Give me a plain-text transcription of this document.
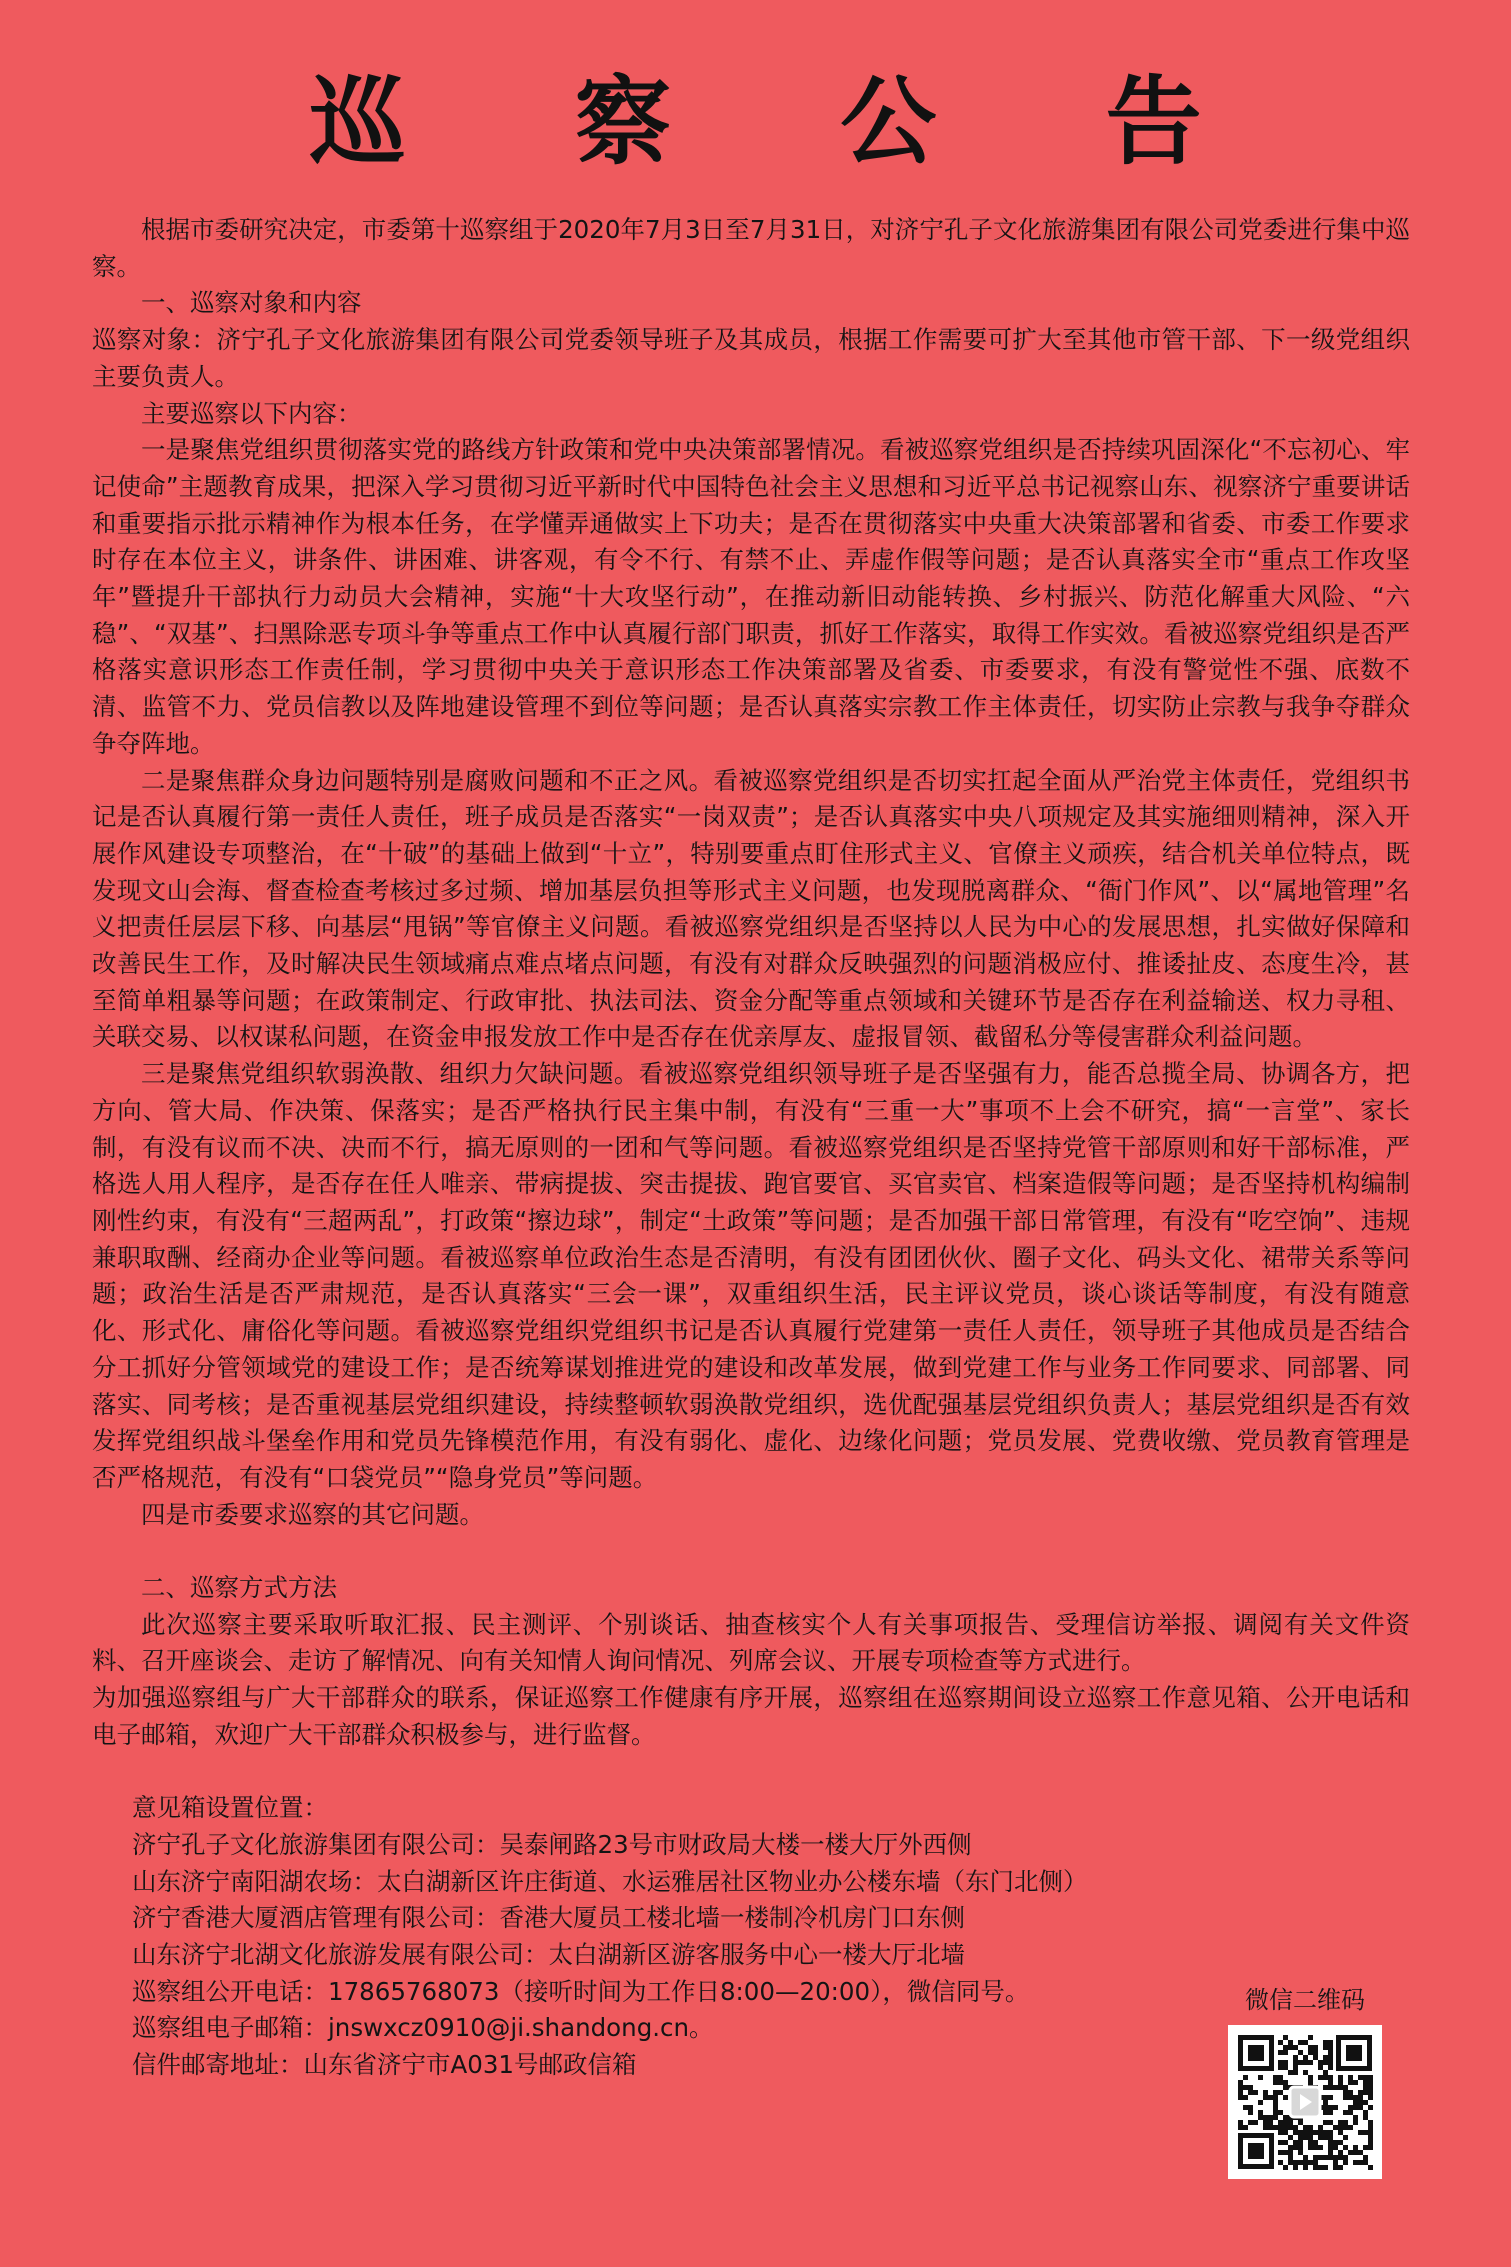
巡 察 公 告

根据市委研究决定，市委第十巡察组于2020年7月3日至7月31日，对济宁孔子文化旅游集团有限公司党委进行集中巡察。

一、巡察对象和内容

巡察对象：济宁孔子文化旅游集团有限公司党委领导班子及其成员，根据工作需要可扩大至其他市管干部、下一级党组织主要负责人。

主要巡察以下内容：

一是聚焦党组织贯彻落实党的路线方针政策和党中央决策部署情况。看被巡察党组织是否持续巩固深化“不忘初心、牢记使命”主题教育成果，把深入学习贯彻习近平新时代中国特色社会主义思想和习近平总书记视察山东、视察济宁重要讲话和重要指示批示精神作为根本任务，在学懂弄通做实上下功夫；是否在贯彻落实中央重大决策部署和省委、市委工作要求时存在本位主义，讲条件、讲困难、讲客观，有令不行、有禁不止、弄虚作假等问题；是否认真落实全市“重点工作攻坚年”暨提升干部执行力动员大会精神，实施“十大攻坚行动”，在推动新旧动能转换、乡村振兴、防范化解重大风险、“六稳”、“双基”、扫黑除恶专项斗争等重点工作中认真履行部门职责，抓好工作落实，取得工作实效。看被巡察党组织是否严格落实意识形态工作责任制，学习贯彻中央关于意识形态工作决策部署及省委、市委要求，有没有警觉性不强、底数不清、监管不力、党员信教以及阵地建设管理不到位等问题；是否认真落实宗教工作主体责任，切实防止宗教与我争夺群众争夺阵地。

二是聚焦群众身边问题特别是腐败问题和不正之风。看被巡察党组织是否切实扛起全面从严治党主体责任，党组织书记是否认真履行第一责任人责任，班子成员是否落实“一岗双责”；是否认真落实中央八项规定及其实施细则精神，深入开展作风建设专项整治，在“十破”的基础上做到“十立”，特别要重点盯住形式主义、官僚主义顽疾，结合机关单位特点，既发现文山会海、督查检查考核过多过频、增加基层负担等形式主义问题，也发现脱离群众、“衙门作风”、以“属地管理”名义把责任层层下移、向基层“甩锅”等官僚主义问题。看被巡察党组织是否坚持以人民为中心的发展思想，扎实做好保障和改善民生工作，及时解决民生领域痛点难点堵点问题，有没有对群众反映强烈的问题消极应付、推诿扯皮、态度生冷，甚至简单粗暴等问题；在政策制定、行政审批、执法司法、资金分配等重点领域和关键环节是否存在利益输送、权力寻租、关联交易、以权谋私问题，在资金申报发放工作中是否存在优亲厚友、虚报冒领、截留私分等侵害群众利益问题。

三是聚焦党组织软弱涣散、组织力欠缺问题。看被巡察党组织领导班子是否坚强有力，能否总揽全局、协调各方，把方向、管大局、作决策、保落实；是否严格执行民主集中制，有没有“三重一大”事项不上会不研究，搞“一言堂”、家长制，有没有议而不决、决而不行，搞无原则的一团和气等问题。看被巡察党组织是否坚持党管干部原则和好干部标准，严格选人用人程序，是否存在任人唯亲、带病提拔、突击提拔、跑官要官、买官卖官、档案造假等问题；是否坚持机构编制刚性约束，有没有“三超两乱”，打政策“擦边球”，制定“土政策”等问题；是否加强干部日常管理，有没有“吃空饷”、违规兼职取酬、经商办企业等问题。看被巡察单位政治生态是否清明，有没有团团伙伙、圈子文化、码头文化、裙带关系等问题；政治生活是否严肃规范，是否认真落实“三会一课”，双重组织生活，民主评议党员，谈心谈话等制度，有没有随意化、形式化、庸俗化等问题。看被巡察党组织党组织书记是否认真履行党建第一责任人责任，领导班子其他成员是否结合分工抓好分管领域党的建设工作；是否统筹谋划推进党的建设和改革发展，做到党建工作与业务工作同要求、同部署、同落实、同考核；是否重视基层党组织建设，持续整顿软弱涣散党组织，选优配强基层党组织负责人；基层党组织是否有效发挥党组织战斗堡垒作用和党员先锋模范作用，有没有弱化、虚化、边缘化问题；党员发展、党费收缴、党员教育管理是否严格规范，有没有“口袋党员”“隐身党员”等问题。

四是市委要求巡察的其它问题。

二、巡察方式方法

此次巡察主要采取听取汇报、民主测评、个别谈话、抽查核实个人有关事项报告、受理信访举报、调阅有关文件资料、召开座谈会、走访了解情况、向有关知情人询问情况、列席会议、开展专项检查等方式进行。

为加强巡察组与广大干部群众的联系，保证巡察工作健康有序开展，巡察组在巡察期间设立巡察工作意见箱、公开电话和电子邮箱，欢迎广大干部群众积极参与，进行监督。

意见箱设置位置：

济宁孔子文化旅游集团有限公司：吴泰闸路23号市财政局大楼一楼大厅外西侧

山东济宁南阳湖农场：太白湖新区许庄街道、水运雅居社区物业办公楼东墙（东门北侧）

济宁香港大厦酒店管理有限公司：香港大厦员工楼北墙一楼制冷机房门口东侧

山东济宁北湖文化旅游发展有限公司：太白湖新区游客服务中心一楼大厅北墙

巡察组公开电话：17865768073（接听时间为工作日8:00—20:00），微信同号。

巡察组电子邮箱：jnswxcz0910@ji.shandong.cn。

信件邮寄地址：山东省济宁市A031号邮政信箱

微信二维码
